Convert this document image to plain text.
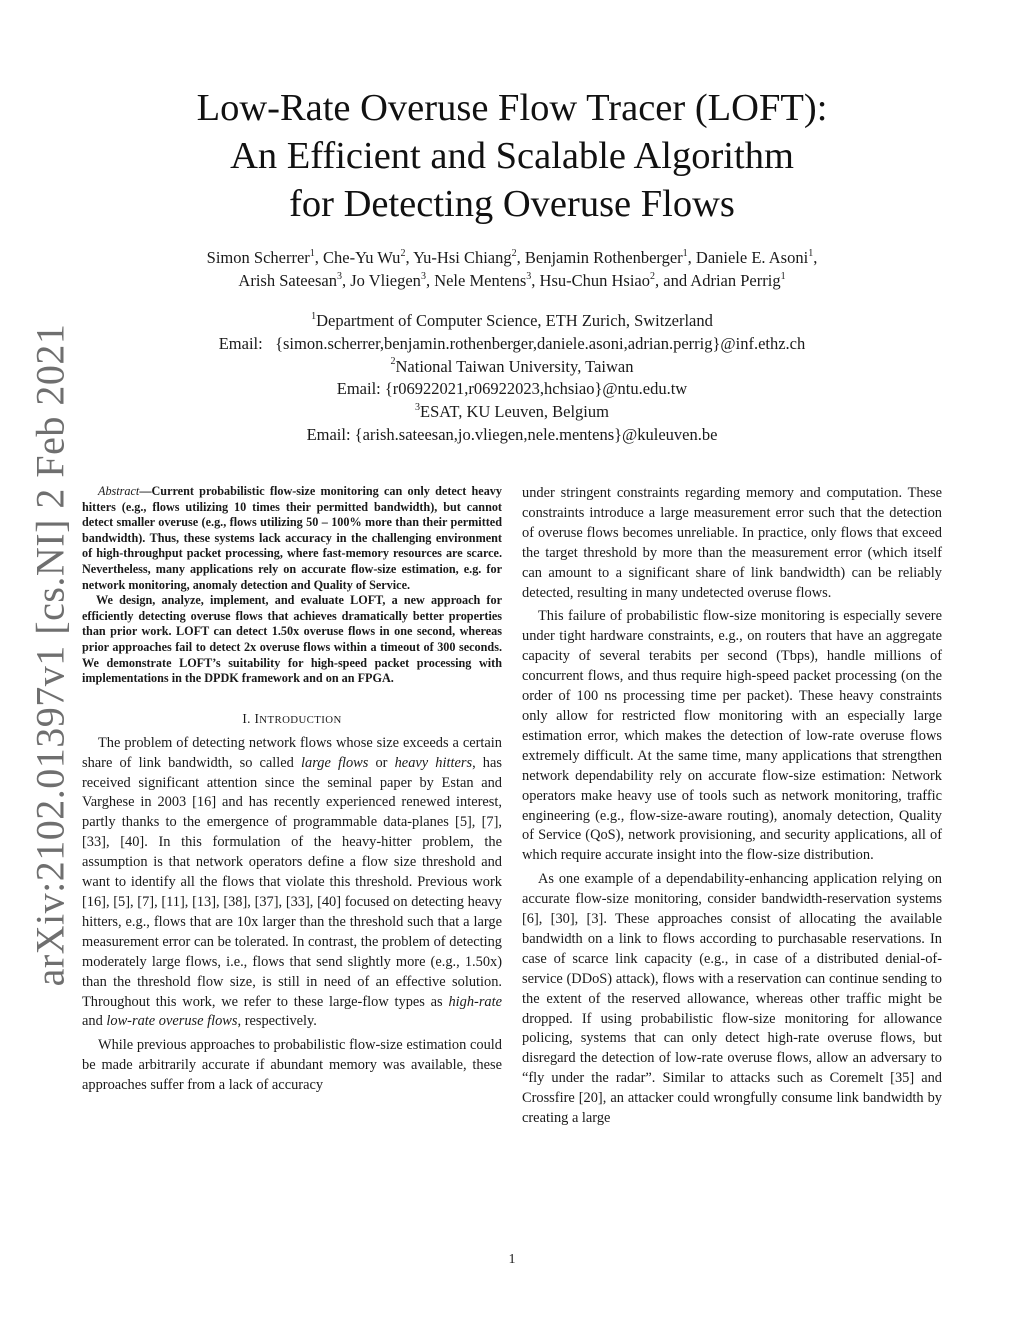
arXiv:2102.01397v1 [cs.NI] 2 Feb 2021
Low-Rate Overuse Flow Tracer (LOFT):
An Efficient and Scalable Algorithm
for Detecting Overuse Flows
Simon Scherrer$^1$, Che-Yu Wu$^2$, Yu-Hsi Chiang$^2$, Benjamin Rothenberger$^1$, Daniele E. Asoni$^1$,
Arish Sateesan$^3$, Jo Vliegen$^3$, Nele Mentens$^3$, Hsu-Chun Hsiao$^2$, and Adrian Perrig$^1$
$^1$Department of Computer Science, ETH Zurich, Switzerland
Email:   {simon.scherrer,benjamin.rothenberger,daniele.asoni,adrian.perrig}@inf.ethz.ch
$^2$National Taiwan University, Taiwan
Email: {r06922021,r06922023,hchsiao}@ntu.edu.tw
$^3$ESAT, KU Leuven, Belgium
Email: {arish.sateesan,jo.vliegen,nele.mentens}@kuleuven.be

Abstract—Current probabilistic flow-size monitoring can only detect heavy hitters (e.g., flows utilizing 10 times their permitted bandwidth), but cannot detect smaller overuse (e.g., flows utilizing 50 – 100% more than their permitted bandwidth). Thus, these systems lack accuracy in the challenging environment of high-throughput packet processing, where fast-memory resources are scarce. Nevertheless, many applications rely on accurate flow-size estimation, e.g. for network monitoring, anomaly detection and Quality of Service.

We design, analyze, implement, and evaluate LOFT, a new approach for efficiently detecting overuse flows that achieves dramatically better properties than prior work. LOFT can detect 1.50x overuse flows in one second, whereas prior approaches fail to detect 2x overuse flows within a timeout of 300 seconds. We demonstrate LOFT’s suitability for high-speed packet processing with implementations in the DPDK framework and on an FPGA.

I. INTRODUCTION

The problem of detecting network flows whose size exceeds a certain share of link bandwidth, so called large flows or heavy hitters, has received significant attention since the seminal paper by Estan and Varghese in 2003 [16] and has recently experienced renewed interest, partly thanks to the emergence of programmable data-planes [5], [7], [33], [40]. In this formulation of the heavy-hitter problem, the assumption is that network operators define a flow size threshold and want to identify all the flows that violate this threshold. Previous work [16], [5], [7], [11], [13], [38], [37], [33], [40] focused on detecting heavy hitters, e.g., flows that are 10x larger than the threshold such that a large measurement error can be tolerated. In contrast, the problem of detecting moderately large flows, i.e., flows that send slightly more (e.g., 1.50x) than the threshold flow size, is still in need of an effective solution. Throughout this work, we refer to these large-flow types as high-rate and low-rate overuse flows, respectively.

While previous approaches to probabilistic flow-size estimation could be made arbitrarily accurate if abundant memory was available, these approaches suffer from a lack of accuracy

under stringent constraints regarding memory and computation. These constraints introduce a large measurement error such that the detection of overuse flows becomes unreliable. In practice, only flows that exceed the target threshold by more than the measurement error (which itself can amount to a significant share of link bandwidth) can be reliably detected, resulting in many undetected overuse flows.

This failure of probabilistic flow-size monitoring is especially severe under tight hardware constraints, e.g., on routers that have an aggregate capacity of several terabits per second (Tbps), handle millions of concurrent flows, and thus require high-speed packet processing (on the order of 100 ns processing time per packet). These heavy constraints only allow for restricted flow monitoring with an especially large estimation error, which makes the detection of low-rate overuse flows extremely difficult. At the same time, many applications that strengthen network dependability rely on accurate flow-size estimation: Network operators make heavy use of tools such as network monitoring, traffic engineering (e.g., flow-size-aware routing), anomaly detection, Quality of Service (QoS), network provisioning, and security applications, all of which require accurate insight into the flow-size distribution.

As one example of a dependability-enhancing application relying on accurate flow-size monitoring, consider bandwidth-reservation systems [6], [30], [3]. These approaches consist of allocating the available bandwidth on a link to flows according to purchasable reservations. In case of scarce link capacity (e.g., in case of a distributed denial-of-service (DDoS) attack), flows with a reservation can continue sending to the extent of the reserved allowance, whereas other traffic might be dropped. If using probabilistic flow-size monitoring for allowance policing, systems that can only detect high-rate overuse flows, but disregard the detection of low-rate overuse flows, allow an adversary to “fly under the radar”. Similar to attacks such as Coremelt [35] and Crossfire [20], an attacker could wrongfully consume link bandwidth by creating a large

1
